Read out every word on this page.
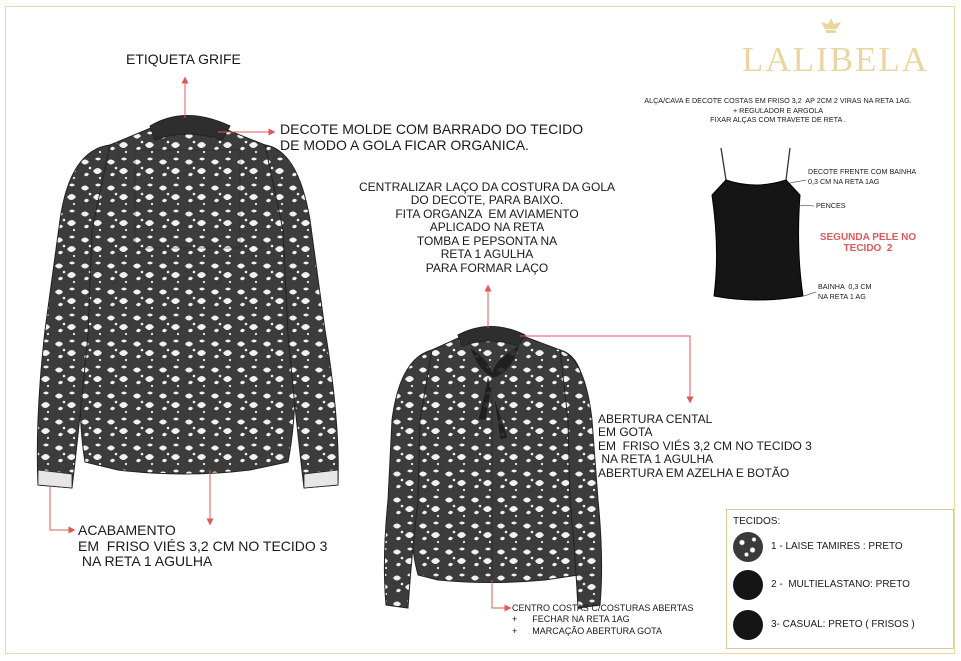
LALIBELA
ETIQUETA GRIFE
DECOTE MOLDE COM BARRADO DO TECIDO
DE MODO A GOLA FICAR ORGANICA.
CENTRALIZAR LAÇO DA COSTURA DA GOLA
DO DECOTE, PARA BAIXO.
FITA ORGANZA  EM AVIAMENTO
APLICADO NA RETA
TOMBA E PEPSONTA NA
RETA 1 AGULHA
PARA FORMAR LAÇO
ABERTURA CENTAL
EM GOTA
EM  FRISO VIÉS 3,2 CM NO TECIDO 3
NA RETA 1 AGULHA
ABERTURA EM AZELHA E BOTÃO
ACABAMENTO
EM  FRISO VIÉS 3,2 CM NO TECIDO 3
NA RETA 1 AGULHA
CENTRO COSTAS C/COSTURAS ABERTAS
+      FECHAR NA RETA 1AG
+      MARCAÇÃO ABERTURA GOTA
ALÇA/CAVA E DECOTE COSTAS EM FRISO 3,2  AP 2CM 2 VIRAS NA RETA 1AG.
+ REGULADOR E ARGOLA
FIXAR ALÇAS COM TRAVETE DE RETA .
DECOTE FRENTE COM BAINHA
0,3 CM NA RETA 1AG
PENCES
SEGUNDA PELE NO
TECIDO  2
BAINHA  0,3 CM
NA RETA 1 AG
TECIDOS:
1 - LAISE TAMIRES : PRETO
2 -  MULTIELASTANO: PRETO
3- CASUAL: PRETO ( FRISOS )
